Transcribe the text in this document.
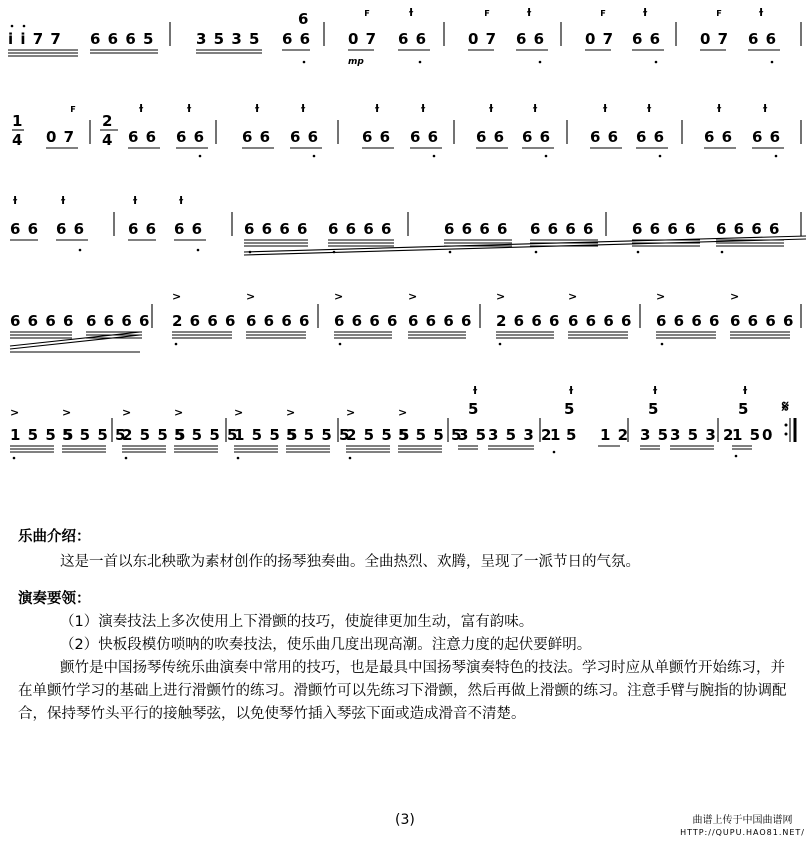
ꜰ	ɫ	ꜰ	ɫ	ꜰ	ɫ	ꜰ	ɫ
ꜰ	ɫ	ɫ	ɫ	ɫ	ɫ	ɫ	ɫ	ɫ	ɫ	ɫ	ɫ	ɫ
ɫ	ɫ	ɫ	ɫ
>	>	>	>	>	>	>	>
>	>	>	>	>	>	>	>
ɫ	ɫ	ɫ	ɫ
6
5	5	5	5
i i 7 7 6 6 6 5	3 5 3 5 6 6 0 7 6 6	0 7 6 6	0 7 6 6	0 7 6 6
mp
1
4
2
4
0 7	6 6 6 6 6 6 6 6	6 6 6 6 6 6 6 6	6 6 6 6	6 6 6 6
6 6 6 6	6 6 6 6	6 6 6 6 6 6 6 6	6 6 6 6 6 6 6 6	6 6 6 6 6 6 6 6
6 6 6 6 6 6 6 6 2 6 6 6 6 6 6 6 6 6 6 6 6 6 6 6 2 6 6 6 6 6 6 6 6 6 6 6 6 6 6 6
1 5 5 5
5 5 5 5
2 5 5 5
5 5 5 5
1 5 5 5
5 5 5 5
2 5 5 5
5 5 5 5
3 5 3 5 3 2
1 5 1 2 3 5 3 5 3 2
1 5 0
𝄋
乐曲介绍：

这是一首以东北秧歌为素材创作的扬琴独奏曲。全曲热烈、欢腾，呈现了一派节日的气氛。

演奏要领：

（1）演奏技法上多次使用上下滑颤的技巧，使旋律更加生动，富有韵味。

（2）快板段模仿唢呐的吹奏技法，使乐曲几度出现高潮。注意力度的起伏要鲜明。

颤竹是中国扬琴传统乐曲演奏中常用的技巧，也是最具中国扬琴演奏特色的技法。学习时应从单颤竹开始练习，并在单颤竹学习的基础上进行滑颤竹的练习。滑颤竹可以先练习下滑颤，然后再做上滑颤的练习。注意手臂与腕指的协调配合，保持琴竹头平行的接触琴弦，以免使琴竹插入琴弦下面或造成滑音不清楚。

(3)	曲谱上传于中国曲谱网
HTTP://QUPU.HAO81.NET/
